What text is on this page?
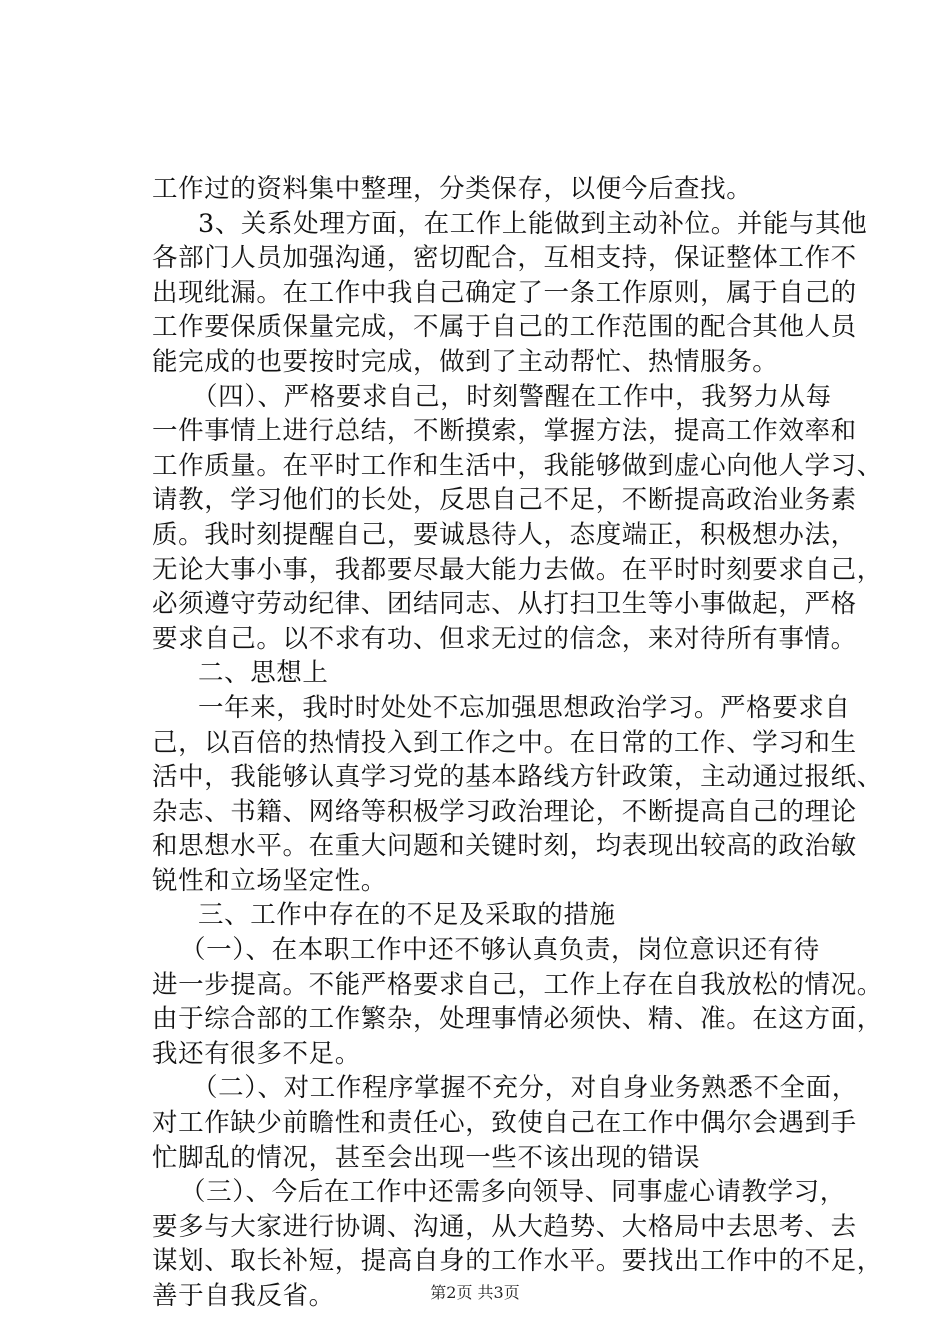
工作过的资料集中整理，分类保存，以便今后查找。
3、关系处理方面，在工作上能做到主动补位。并能与其他
各部门人员加强沟通，密切配合，互相支持，保证整体工作不
出现纰漏。在工作中我自己确定了一条工作原则，属于自己的
工作要保质保量完成，不属于自己的工作范围的配合其他人员
能完成的也要按时完成，做到了主动帮忙、热情服务。
（四）、严格要求自己，时刻警醒在工作中，我努力从每
一件事情上进行总结，不断摸索，掌握方法，提高工作效率和
工作质量。在平时工作和生活中，我能够做到虚心向他人学习、
请教，学习他们的长处，反思自己不足，不断提高政治业务素
质。我时刻提醒自己，要诚恳待人，态度端正，积极想办法，
无论大事小事，我都要尽最大能力去做。在平时时刻要求自己，
必须遵守劳动纪律、团结同志、从打扫卫生等小事做起，严格
要求自己。以不求有功、但求无过的信念，来对待所有事情。
二、思想上
一年来，我时时处处不忘加强思想政治学习。严格要求自
己，以百倍的热情投入到工作之中。在日常的工作、学习和生
活中，我能够认真学习党的基本路线方针政策，主动通过报纸、
杂志、书籍、网络等积极学习政治理论，不断提高自己的理论
和思想水平。在重大问题和关键时刻，均表现出较高的政治敏
锐性和立场坚定性。
三、工作中存在的不足及采取的措施
（一）、在本职工作中还不够认真负责，岗位意识还有待
进一步提高。不能严格要求自己，工作上存在自我放松的情况。
由于综合部的工作繁杂，处理事情必须快、精、准。在这方面，
我还有很多不足。
（二）、对工作程序掌握不充分，对自身业务熟悉不全面，
对工作缺少前瞻性和责任心，致使自己在工作中偶尔会遇到手
忙脚乱的情况，甚至会出现一些不该出现的错误
（三）、今后在工作中还需多向领导、同事虚心请教学习，
要多与大家进行协调、沟通，从大趋势、大格局中去思考、去
谋划、取长补短，提高自身的工作水平。要找出工作中的不足，
善于自我反省。	第2页 共3页
